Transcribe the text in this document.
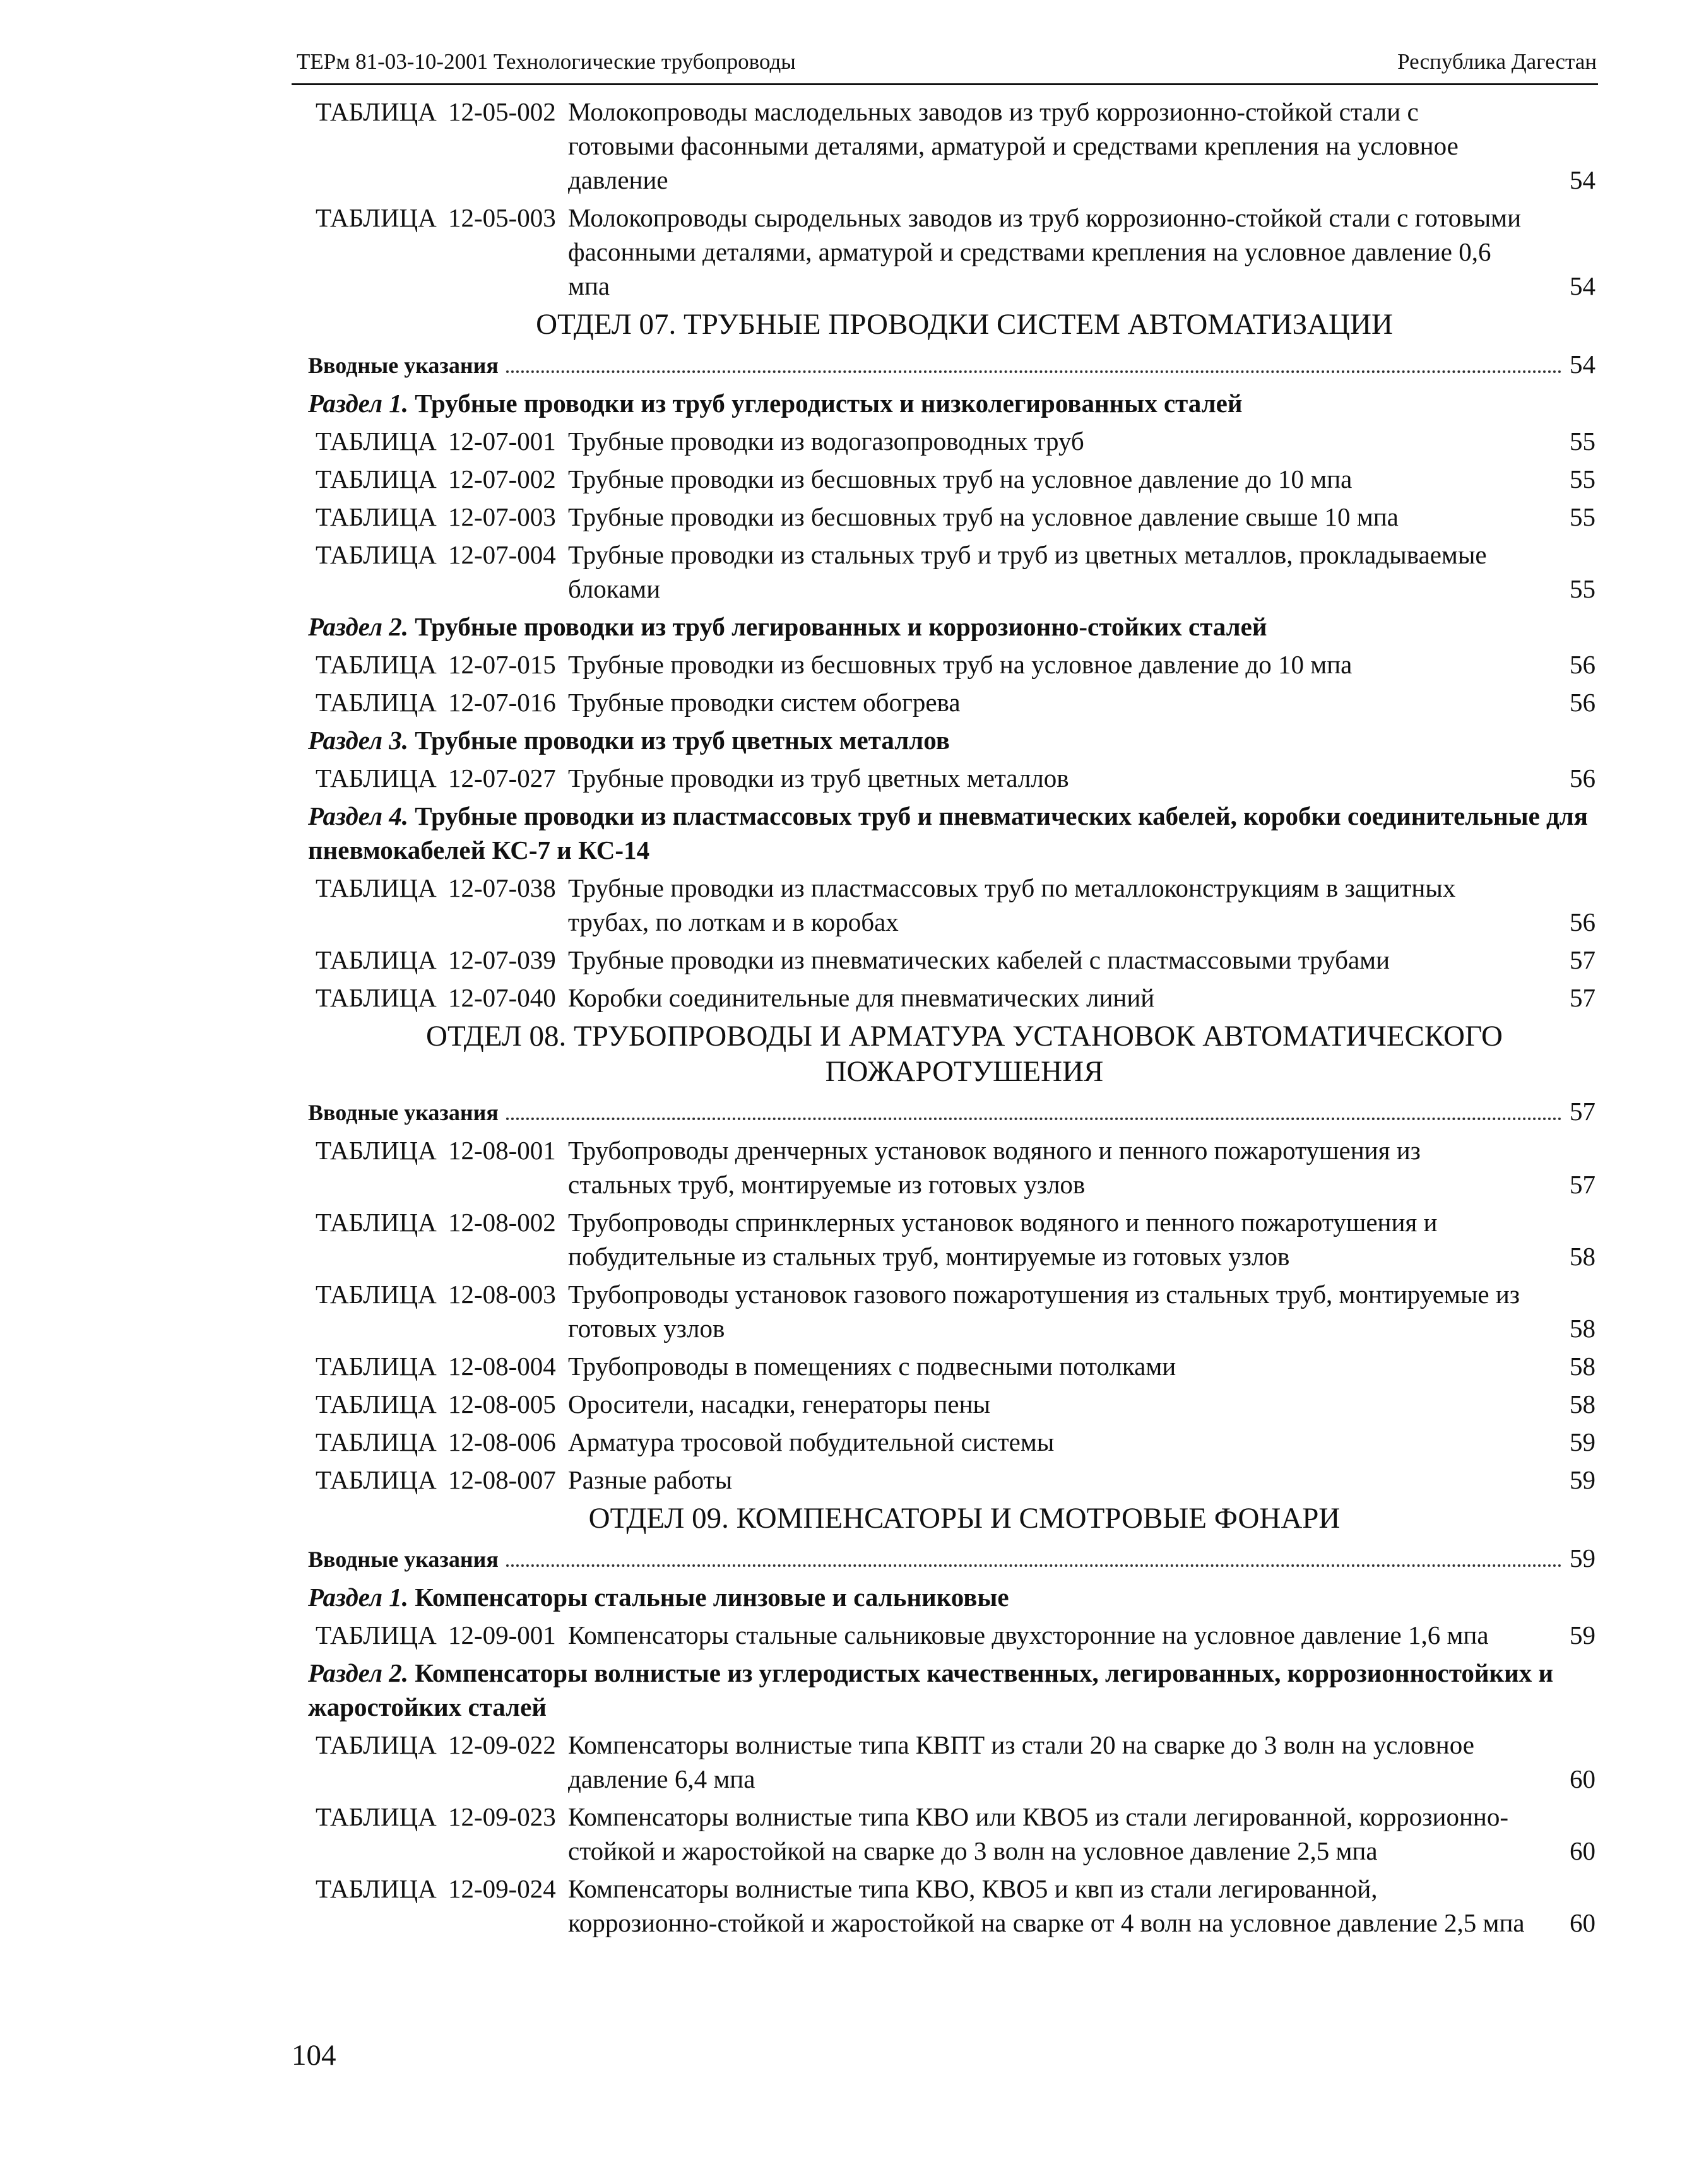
ТЕРм 81-03-10-2001 Технологические трубопроводы	Республика Дагестан
ТАБЛИЦА 12-05-002 Молокопроводы маслодельных заводов из труб коррозионно-стойкой стали с готовыми фасонными деталями, арматурой и средствами крепления на условное давление	54
ТАБЛИЦА 12-05-003 Молокопроводы сыродельных заводов из труб коррозионно-стойкой стали с готовыми фасонными деталями, арматурой и средствами крепления на условное давление 0,6 мпа	54
ОТДЕЛ 07. ТРУБНЫЕ ПРОВОДКИ СИСТЕМ АВТОМАТИЗАЦИИ
Вводные указания	54
Раздел 1. Трубные проводки из труб углеродистых и низколегированных сталей
ТАБЛИЦА 12-07-001 Трубные проводки из водогазопроводных труб	55
ТАБЛИЦА 12-07-002 Трубные проводки из бесшовных труб на условное давление до 10 мпа	55
ТАБЛИЦА 12-07-003 Трубные проводки из бесшовных труб на условное давление свыше 10 мпа	55
ТАБЛИЦА 12-07-004 Трубные проводки из стальных труб и труб из цветных металлов, прокладываемые блоками	55
Раздел 2. Трубные проводки из труб легированных и коррозионно-стойких сталей
ТАБЛИЦА 12-07-015 Трубные проводки из бесшовных труб на условное давление до 10 мпа	56
ТАБЛИЦА 12-07-016 Трубные проводки систем обогрева	56
Раздел 3. Трубные проводки из труб цветных металлов
ТАБЛИЦА 12-07-027 Трубные проводки из труб цветных металлов	56
Раздел 4. Трубные проводки из пластмассовых труб и пневматических кабелей, коробки соединительные для пневмокабелей КС-7 и КС-14
ТАБЛИЦА 12-07-038 Трубные проводки из пластмассовых труб по металлоконструкциям в защитных трубах, по лоткам и в коробах	56
ТАБЛИЦА 12-07-039 Трубные проводки из пневматических кабелей с пластмассовыми трубами	57
ТАБЛИЦА 12-07-040 Коробки соединительные для пневматических линий	57
ОТДЕЛ 08. ТРУБОПРОВОДЫ И АРМАТУРА УСТАНОВОК АВТОМАТИЧЕСКОГО ПОЖАРОТУШЕНИЯ
Вводные указания	57
ТАБЛИЦА 12-08-001 Трубопроводы дренчерных установок водяного и пенного пожаротушения из стальных труб, монтируемые из готовых узлов	57
ТАБЛИЦА 12-08-002 Трубопроводы спринклерных установок водяного и пенного пожаротушения и побудительные из стальных труб, монтируемые из готовых узлов	58
ТАБЛИЦА 12-08-003 Трубопроводы установок газового пожаротушения из стальных труб, монтируемые из готовых узлов	58
ТАБЛИЦА 12-08-004 Трубопроводы в помещениях с подвесными потолками	58
ТАБЛИЦА 12-08-005 Оросители, насадки, генераторы пены	58
ТАБЛИЦА 12-08-006 Арматура тросовой побудительной системы	59
ТАБЛИЦА 12-08-007 Разные работы	59
ОТДЕЛ 09. КОМПЕНСАТОРЫ И СМОТРОВЫЕ ФОНАРИ
Вводные указания	59
Раздел 1. Компенсаторы стальные линзовые и сальниковые
ТАБЛИЦА 12-09-001 Компенсаторы стальные сальниковые двухсторонние на условное давление 1,6 мпа	59
Раздел 2. Компенсаторы волнистые из углеродистых качественных, легированных, коррозионностойких и жаростойких сталей
ТАБЛИЦА 12-09-022 Компенсаторы волнистые типа КВПТ из стали 20 на сварке до 3 волн на условное давление 6,4 мпа	60
ТАБЛИЦА 12-09-023 Компенсаторы волнистые типа КВО или КВО5 из стали легированной, коррозионно-стойкой и жаростойкой на сварке до 3 волн на условное давление 2,5 мпа	60
ТАБЛИЦА 12-09-024 Компенсаторы волнистые типа КВО, КВО5 и квп из стали легированной, коррозионно-стойкой и жаростойкой на сварке от 4 волн на условное давление 2,5 мпа	60
104
